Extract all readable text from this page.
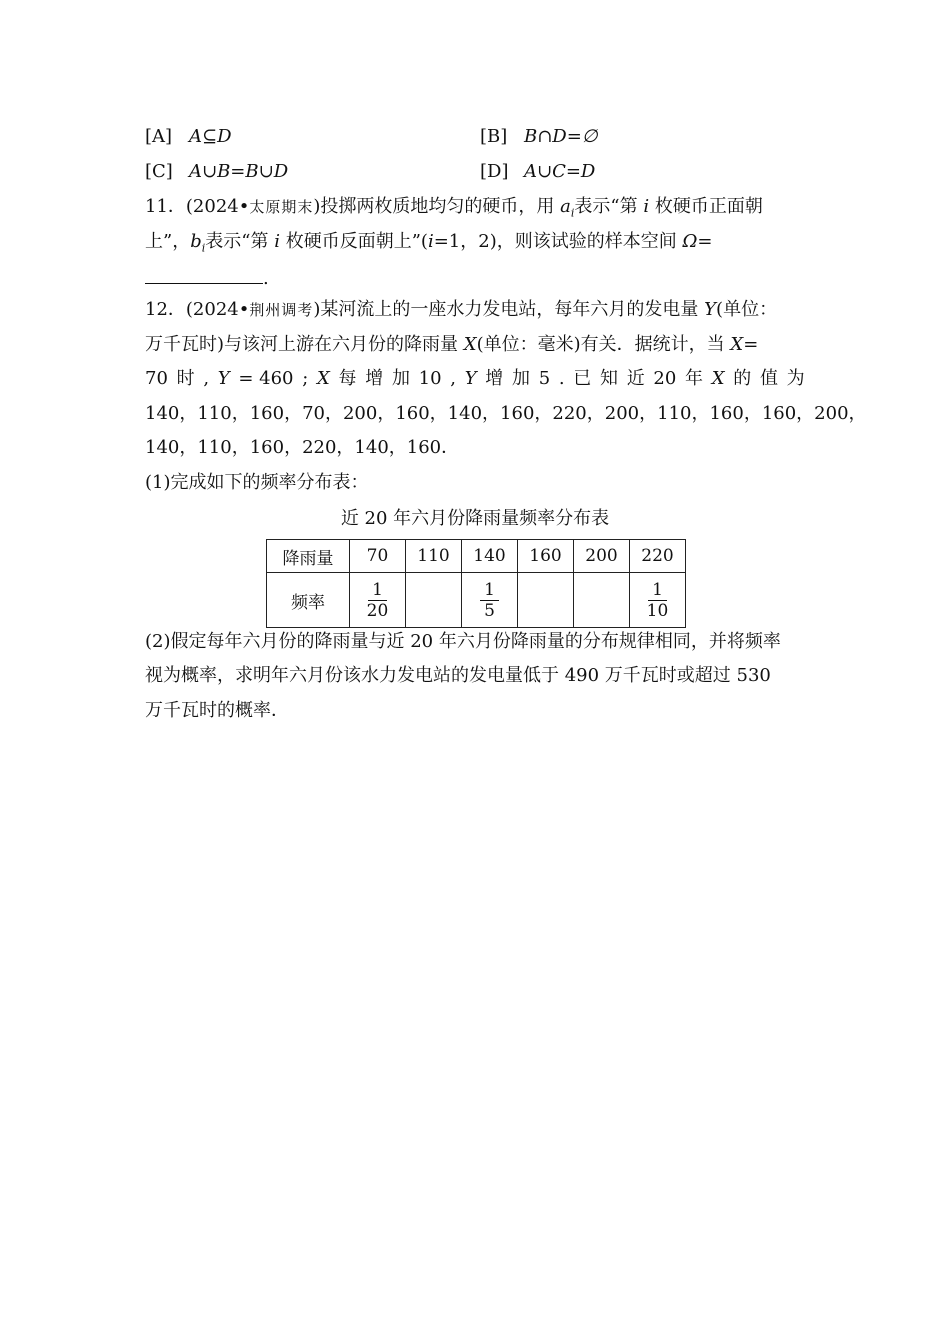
[A] A⊆D	[B] B∩D=∅
[C] A∪B=B∪D	[D] A∪C=D
11．(2024•太原期末)投掷两枚质地均匀的硬币，用 $a_i$表示“第 i 枚硬币正面朝
上”，$b_i$表示“第 i 枚硬币反面朝上”(i=1，2)，则该试验的样本空间 Ω=
.
12．(2024•荆州调考)某河流上的一座水力发电站，每年六月的发电量 Y(单位：
万千瓦时)与该河上游在六月份的降雨量 X(单位：毫米)有关．据统计，当 X=
70 时 , Y = 460 ; X 每 增 加 10 , Y 增 加 5 . 已 知 近 20 年 X 的 值 为
140，110，160，70，200，160，140，160，220，200，110，160，160，200，
140，110，160，220，140，160．
(1)完成如下的频率分布表：
近 20 年六月份降雨量频率分布表
降雨量	70	110	140	160	200	220
频率	$\frac{1}{20}$		$\frac{1}{5}$			$\frac{1}{10}$
(2)假定每年六月份的降雨量与近 20 年六月份降雨量的分布规律相同，并将频率
视为概率，求明年六月份该水力发电站的发电量低于 490 万千瓦时或超过 530
万千瓦时的概率．
